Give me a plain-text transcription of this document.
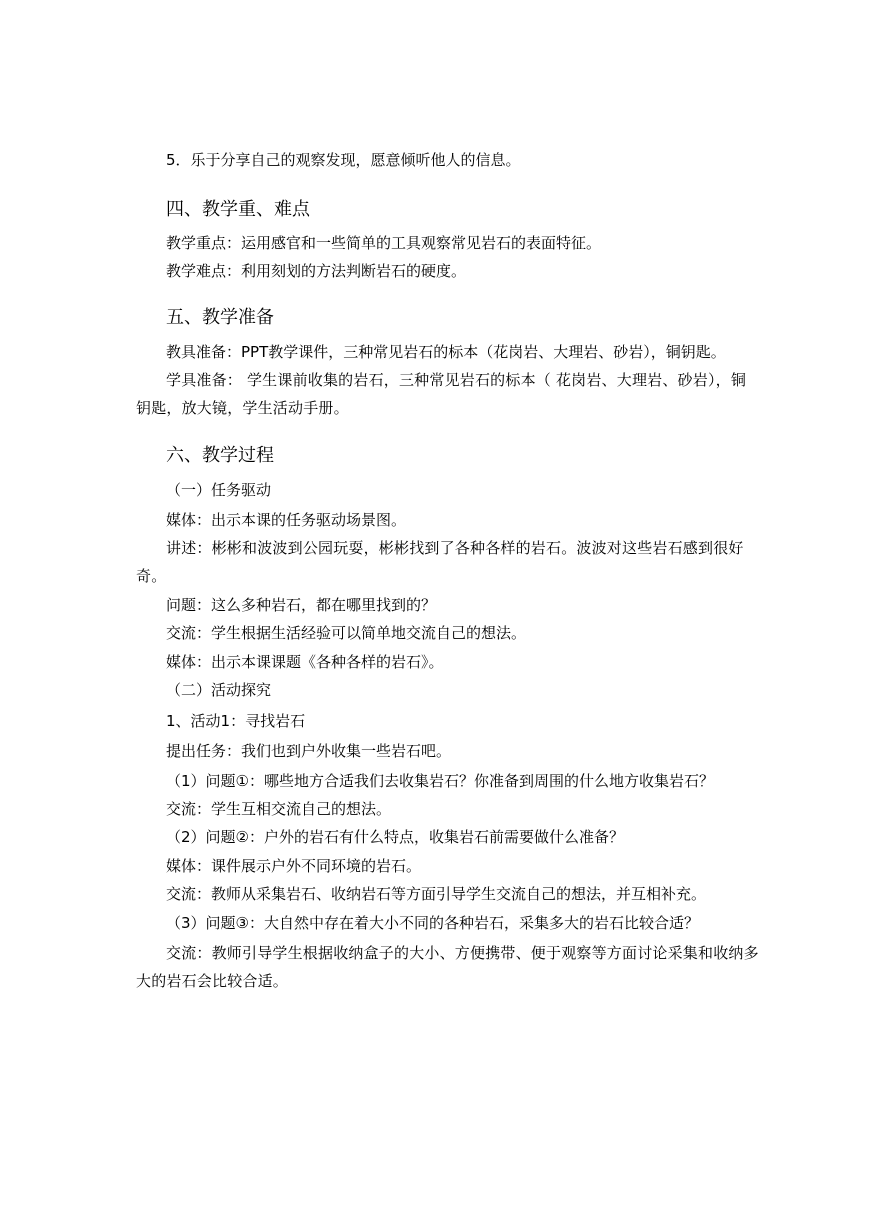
5．乐于分享自己的观察发现，愿意倾听他人的信息。

四、教学重、难点

教学重点：运用感官和一些简单的工具观察常见岩石的表面特征。

教学难点：利用刻划的方法判断岩石的硬度。

五、教学准备

教具准备：PPT教学课件，三种常见岩石的标本（花岗岩、大理岩、砂岩），铜钥匙。

学具准备： 学生课前收集的岩石，三种常见岩石的标本（ 花岗岩、大理岩、砂岩），铜钥匙，放大镜，学生活动手册。

六、教学过程

（一）任务驱动

媒体：出示本课的任务驱动场景图。

讲述：彬彬和波波到公园玩耍，彬彬找到了各种各样的岩石。波波对这些岩石感到很好奇。

问题：这么多种岩石，都在哪里找到的？

交流：学生根据生活经验可以简单地交流自己的想法。

媒体：出示本课课题《各种各样的岩石》。

（二）活动探究

1、活动1：寻找岩石

提出任务：我们也到户外收集一些岩石吧。

（1）问题①：哪些地方合适我们去收集岩石？你准备到周围的什么地方收集岩石？

交流：学生互相交流自己的想法。

（2）问题②：户外的岩石有什么特点，收集岩石前需要做什么准备？

媒体：课件展示户外不同环境的岩石。

交流：教师从采集岩石、收纳岩石等方面引导学生交流自己的想法，并互相补充。

（3）问题③：大自然中存在着大小不同的各种岩石，采集多大的岩石比较合适？

交流：教师引导学生根据收纳盒子的大小、方便携带、便于观察等方面讨论采集和收纳多大的岩石会比较合适。
